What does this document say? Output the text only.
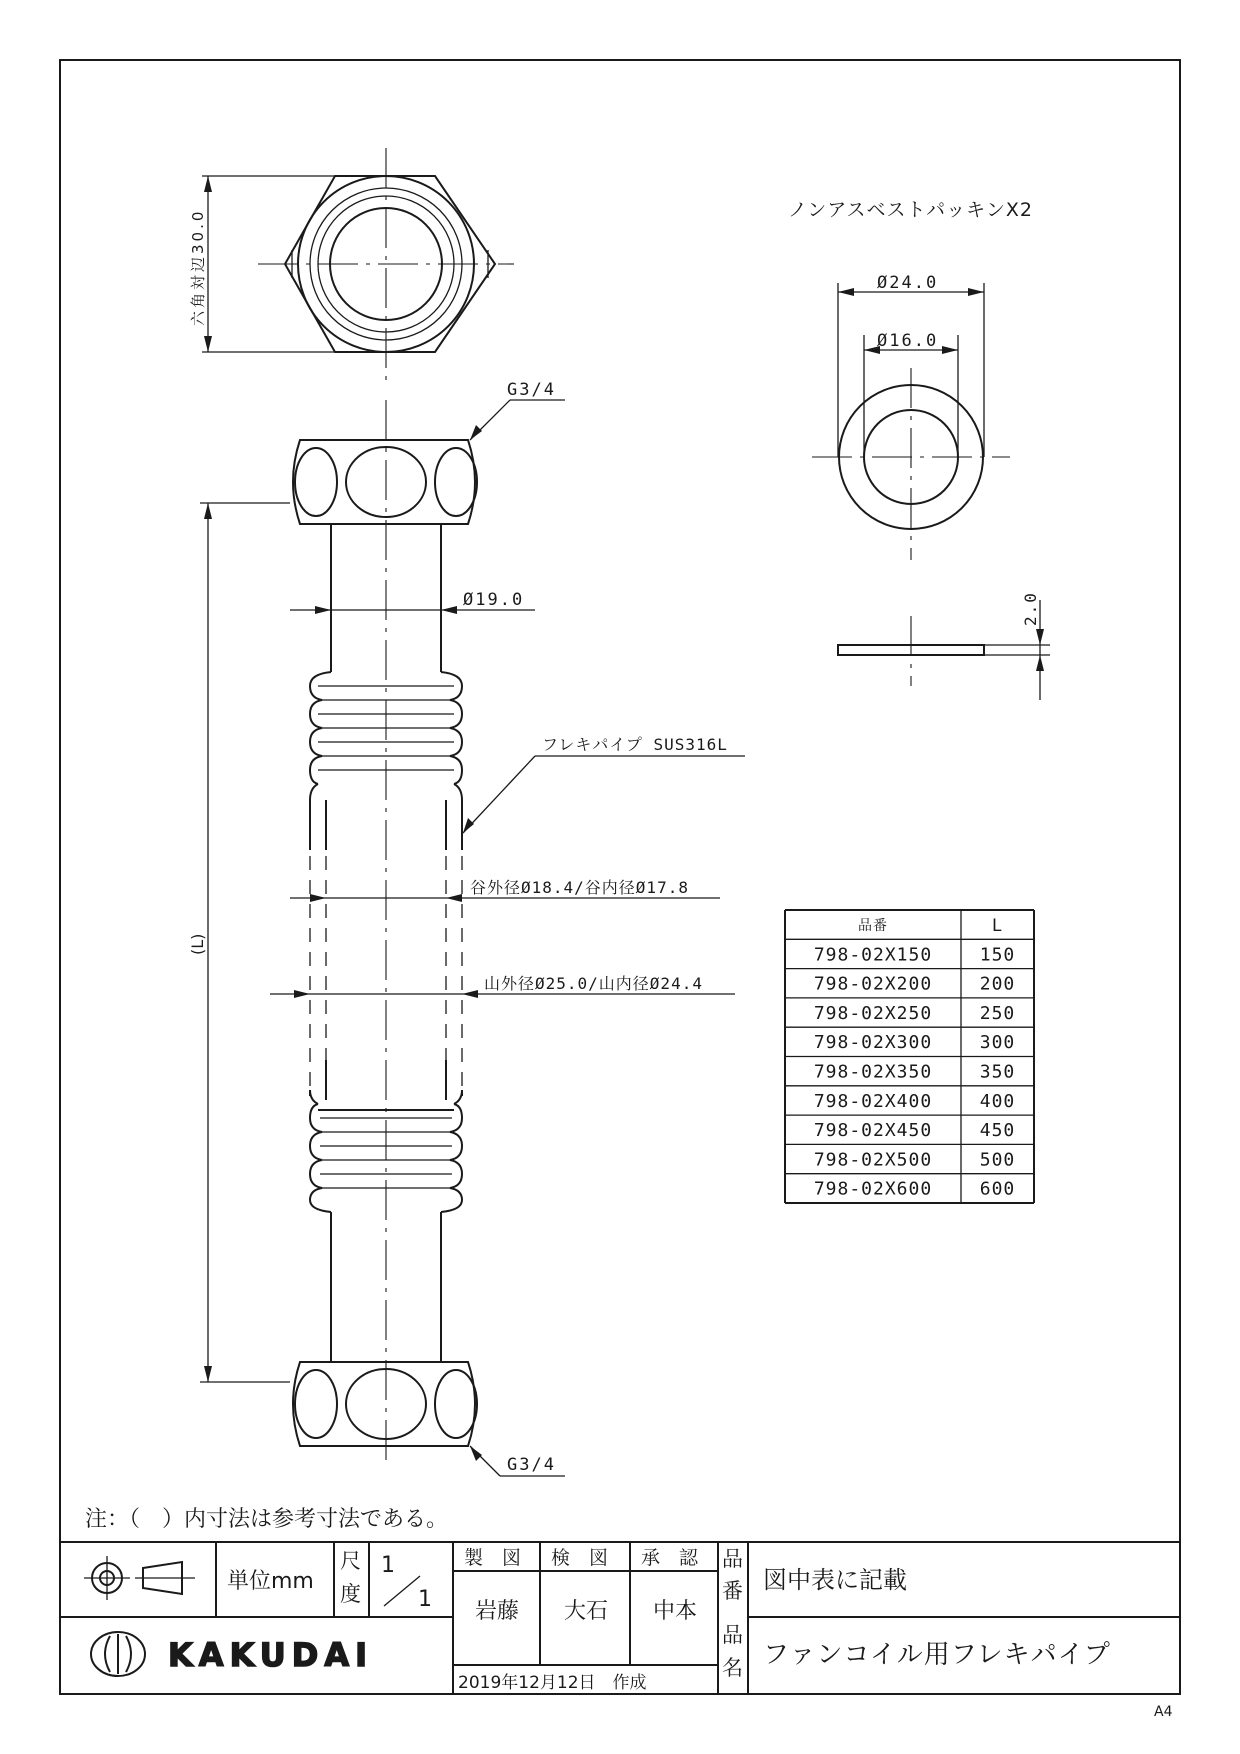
六角対辺30.0
(L)
Ø19.0
谷外径Ø18.4/谷内径Ø17.8
山外径Ø25.0/山内径Ø24.4
フレキパイプ SUS316L
G3/4
G3/4
ノンアスベストパッキンX2
Ø24.0
Ø16.0
2.0
品番	L
798-02X150	150
798-02X200	200
798-02X250	250
798-02X300	300
798-02X350	350
798-02X400	400
798-02X450	450
798-02X500	500
798-02X600	600
注：（　）内寸法は参考寸法である。
単位mm
尺
度
1
1
製　図 検　図 承　認
岩藤 大石 中本
品
番 図中表に記載
品
名 ファンコイル用フレキパイプ
2019年12月12日　作成
KAKUDAI
A4
